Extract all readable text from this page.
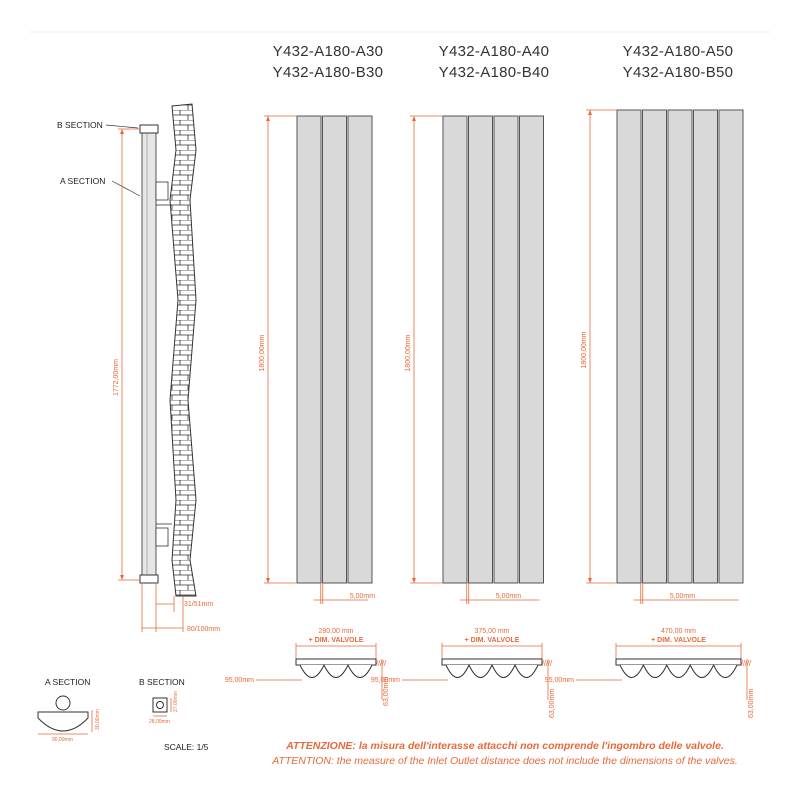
B SECTION
A SECTION
1772,00mm
31/51mm
80/100mm
Y432-A180-A30
Y432-A180-B30
1800,00mm
5,00mm
280,00 mm
+ DIM. VALVOLE
95,00mm	63,00mm
Y432-A180-A40
Y432-A180-B40
1800,00mm
5,00mm
375,00 mm
+ DIM. VALVOLE
95,00mm
63,00mm
Y432-A180-A50
Y432-A180-B50
1800,00mm
5,00mm
470,00 mm
+ DIM. VALVOLE
95,00mm
63,00mm
A SECTION
90,00mm
30,00mm
B SECTION
28,00mm
27,00mm
SCALE: 1/5	ATTENZIONE: la misura dell'interasse attacchi non comprende l'ingombro delle valvole.
ATTENTION: the measure of the Inlet Outlet distance does not include the dimensions of the valves.
